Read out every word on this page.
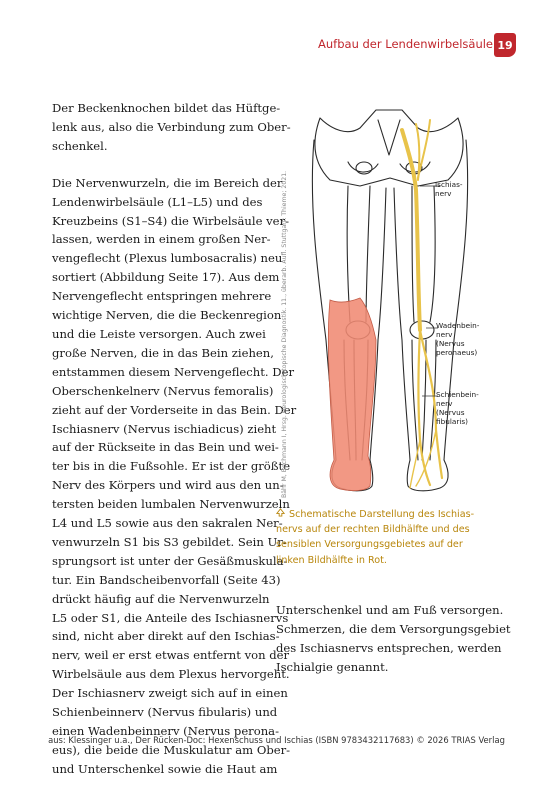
Aufbau der Lendenwirbelsäule 19

Der Beckenknochen bildet das Hüftge-
lenk aus, also die Verbindung zum Ober-
schenkel.

Die Nervenwurzeln, die im Bereich der
Lendenwirbelsäule (L1–L5) und des
Kreuzbeins (S1–S4) die Wirbelsäule ver-
lassen, werden in einem großen Ner-
vengeflecht (Plexus lumbosacralis) neu
sortiert (Abbildung Seite 17). Aus dem
Nervengeflecht entspringen mehrere
wichtige Nerven, die die Beckenregion
und die Leiste versorgen. Auch zwei
große Nerven, die in das Bein ziehen,
entstammen diesem Nervengeflecht. Der
Oberschenkelnerv (Nervus femoralis)
zieht auf der Vorderseite in das Bein. Der
Ischiasnerv (Nervus ischiadicus) zieht
auf der Rückseite in das Bein und wei-
ter bis in die Fußsohle. Er ist der größte
Nerv des Körpers und wird aus den un-
tersten beiden lumbalen Nervenwurzeln
L4 und L5 sowie aus den sakralen Ner-
venwurzeln S1 bis S3 gebildet. Sein Ur-
sprungsort ist unter der Gesäßmuskula-
tur. Ein Bandscheibenvorfall (Seite 43)
drückt häufig auf die Nervenwurzeln
L5 oder S1, die Anteile des Ischiasnervs
sind, nicht aber direkt auf den Ischias-
nerv, weil er erst etwas entfernt von der
Wirbelsäule aus dem Plexus hervorgeht.
Der Ischiasnerv zweigt sich auf in einen
Schienbeinnerv (Nervus fibularis) und
einen Wadenbeinnerv (Nervus perona-
eus), die beide die Muskulatur am Ober-
und Unterschenkel sowie die Haut am

Bähr M, Bechmann I, Hrsg. Neurologisch-topische Diagnostik. 11., überarb. Aufl. Stuttgart: Thieme; 2021.	Ischias-
nerv
Wadenbein-
nerv
(Nervus
peronaeus)
Schienbein-
nerv
(Nervus
fibularis)
Schematische Darstellung des Ischias-
nervs auf der rechten Bildhälfte und des
sensiblen Versorgungsgebietes auf der
linken Bildhälfte in Rot.
Unterschenkel und am Fuß versorgen.
Schmerzen, die dem Versorgungsgebiet
des Ischiasnervs entsprechen, werden
Ischialgie genannt.
aus: Klessinger u.a., Der Rücken-Doc: Hexenschuss und Ischias (ISBN 9783432117683) © 2026 TRIAS Verlag
